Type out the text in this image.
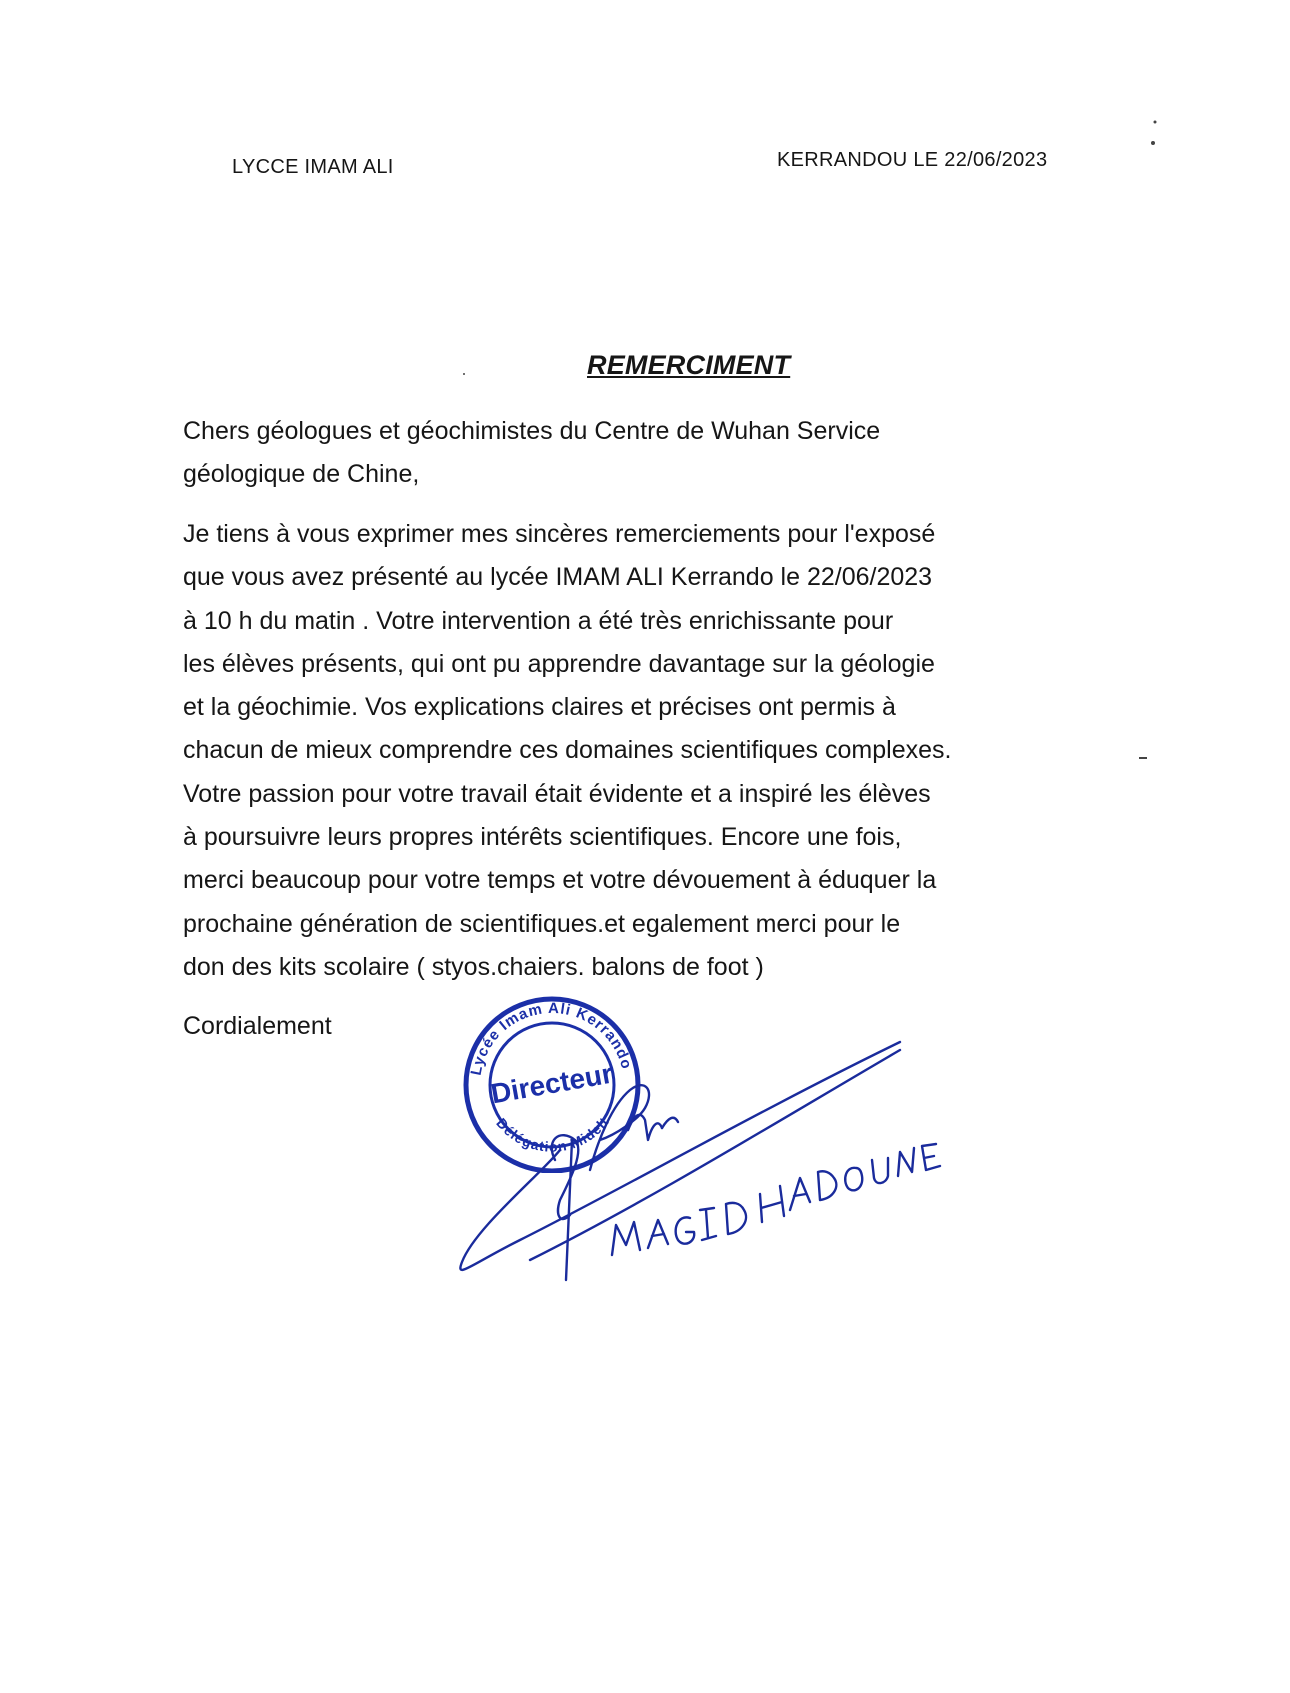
LYCCE IMAM ALI	KERRANDOU LE 22/06/2023
REMERCIMENT
Chers géologues et géochimistes du Centre de Wuhan Service
géologique de Chine,
Je tiens à vous exprimer mes sincères remerciements pour l'exposé
que vous avez présenté au lycée IMAM ALI Kerrando le 22/06/2023
à 10 h du matin . Votre intervention a été très enrichissante pour
les élèves présents, qui ont pu apprendre davantage sur la géologie
et la géochimie. Vos explications claires et précises ont permis à
chacun de mieux comprendre ces domaines scientifiques complexes.
Votre passion pour votre travail était évidente et a inspiré les élèves
à poursuivre leurs propres intérêts scientifiques. Encore une fois,
merci beaucoup pour votre temps et votre dévouement à éduquer la
prochaine génération de scientifiques.et egalement merci pour le
don des kits scolaire ( styos.chaiers. balons de foot )
Cordialement
Lycée Imam Ali Kerrando
Délégation Midelt
Directeur
